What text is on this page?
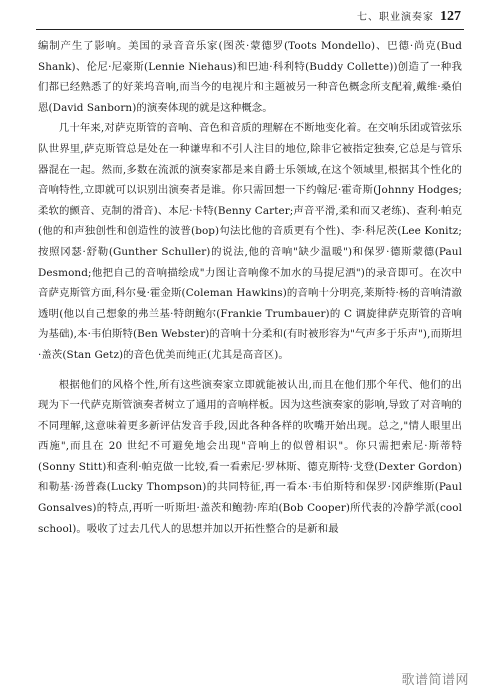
七、职业演奏家 127

编制产生了影响。美国的录音音乐家(图茨·蒙德罗(Toots Mondello)、巴德·尚克(Bud Shank)、伦尼·尼豪斯(Lennie Niehaus)和巴迪·科利特(Buddy Collette))创造了一种我们都已经熟悉了的好莱坞音响,而当今的电视片和主题被另一种音色概念所支配着,戴维·桑伯恩(David Sanborn)的演奏体现的就是这种概念。

几十年来,对萨克斯管的音响、音色和音质的理解在不断地变化着。在交响乐团或管弦乐队世界里,萨克斯管总是处在一种谦卑和不引人注目的地位,除非它被指定独奏,它总是与管乐器混在一起。然而,多数在流派的演奏家都是来自爵士乐领域,在这个领域里,根据其个性化的音响特性,立即就可以识别出演奏者是谁。你只需回想一下约翰尼·霍奇斯(Johnny Hodges;柔软的颤音、克制的滑音)、本尼·卡特(Benny Carter;声音平滑,柔和而又老练)、查利·帕克(他的和声独创性和创造性的波普(bop)句法比他的音质更有个性)、李·科尼茨(Lee Konitz;按照冈瑟·舒勒(Gunther Schuller)的说法,他的音响"缺少温暖")和保罗·德斯蒙德(Paul Desmond;他把自己的音响描绘成"力图让音响像不加水的马提尼酒")的录音即可。在次中音萨克斯管方面,科尔曼·霍金斯(Coleman Hawkins)的音响十分明亮,莱斯特·杨的音响清澈透明(他以自己想象的弗兰基·特朗鲍尔(Frankie Trumbauer)的 C 调旋律萨克斯管的音响为基础),本·韦伯斯特(Ben Webster)的音响十分柔和(有时被形容为"气声多于乐声"),而斯坦·盖茨(Stan Getz)的音色优美而纯正(尤其是高音区)。

根据他们的风格个性,所有这些演奏家立即就能被认出,而且在他们那个年代、他们的出现为下一代萨克斯管演奏者树立了通用的音响样板。因为这些演奏家的影响,导致了对音响的不同理解,这意味着更多新评估发音手段,因此各种各样的吹嘴开始出现。总之,"情人眼里出西施",而且在 20 世纪不可避免地会出现"音响上的似曾相识"。你只需把索尼·斯蒂特(Sonny Stitt)和查利·帕克做一比较,看一看索尼·罗林斯、德克斯特·戈登(Dexter Gordon)和勒基·汤普森(Lucky Thompson)的共同特征,再一看本·韦伯斯特和保罗·冈萨维斯(Paul Gonsalves)的特点,再听一听斯坦·盖茨和鲍勃·库珀(Bob Cooper)所代表的冷静学派(cool school)。吸收了过去几代人的思想并加以开拓性整合的是新和最

歌谱简谱网
